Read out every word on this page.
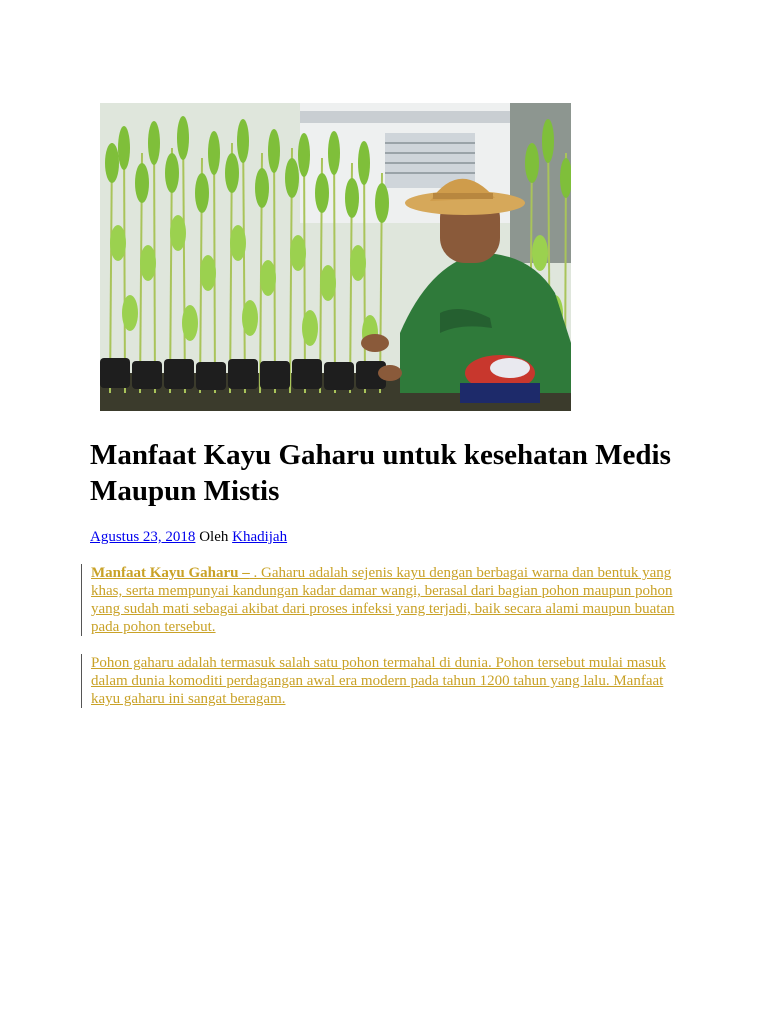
Manfaat Kayu Gaharu untuk kesehatan Medis Maupun Mistis
Agustus 23, 2018 Oleh Khadijah
Manfaat Kayu Gaharu – . Gaharu adalah sejenis kayu dengan berbagai warna dan bentuk yang khas, serta mempunyai kandungan kadar damar wangi, berasal dari bagian pohon maupun pohon yang sudah mati sebagai akibat dari proses infeksi yang terjadi, baik secara alami maupun buatan pada pohon tersebut.
Pohon gaharu adalah termasuk salah satu pohon termahal di dunia. Pohon tersebut mulai masuk dalam dunia komoditi perdagangan awal era modern pada tahun 1200 tahun yang lalu. Manfaat kayu gaharu ini sangat beragam.
